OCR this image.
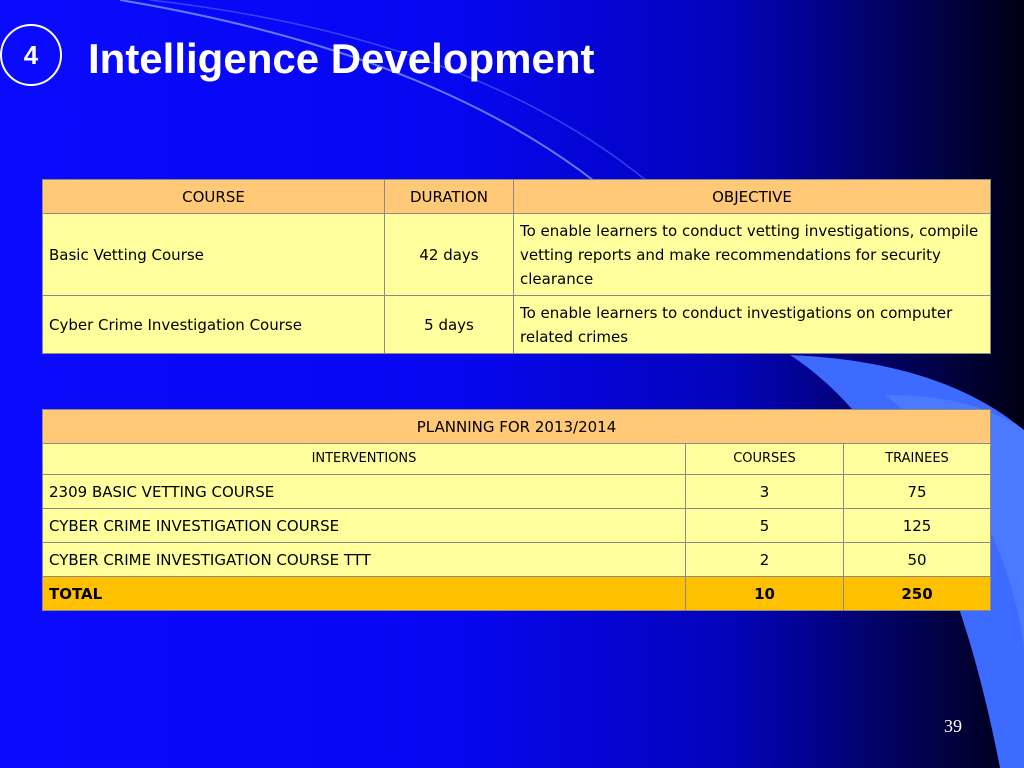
4	Intelligence Development
COURSE	DURATION	OBJECTIVE
Basic Vetting Course	42 days	To enable learners to conduct vetting investigations, compile vetting reports and make recommendations for security clearance
Cyber Crime Investigation Course	5 days	To enable learners to conduct investigations on computer related crimes
PLANNING FOR 2013/2014		
INTERVENTIONS	COURSES	TRAINEES
2309 BASIC VETTING COURSE	3	75
CYBER CRIME INVESTIGATION COURSE	5	125
CYBER CRIME INVESTIGATION COURSE TTT	2	50
TOTAL	10	250
39
